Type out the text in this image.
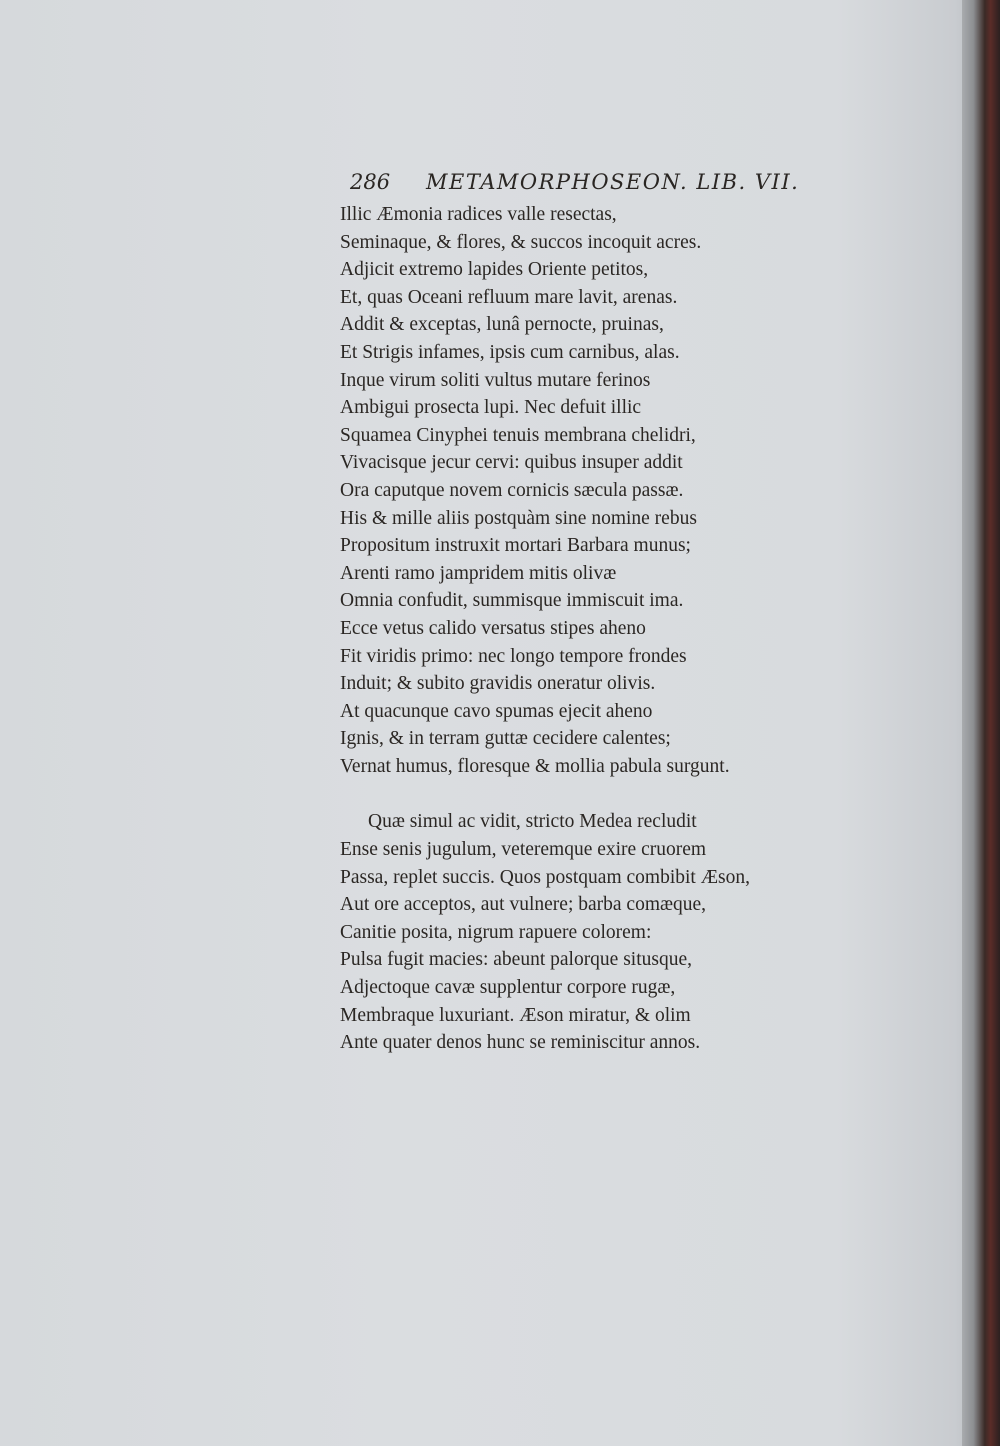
286 METAMORPHOSEON. LIB. VII.
Illic Æmonia radices valle resectas,
Seminaque, & flores, & succos incoquit acres.
Adjicit extremo lapides Oriente petitos,
Et, quas Oceani refluum mare lavit, arenas.
Addit & exceptas, lunâ pernocte, pruinas,
Et Strigis infames, ipsis cum carnibus, alas.
Inque virum soliti vultus mutare ferinos
Ambigui prosecta lupi. Nec defuit illic
Squamea Cinyphei tenuis membrana chelidri,
Vivacisque jecur cervi: quibus insuper addit
Ora caputque novem cornicis sæcula passæ.
His & mille aliis postquàm sine nomine rebus
Propositum instruxit mortari Barbara munus;
Arenti ramo jampridem mitis olivæ
Omnia confudit, summisque immiscuit ima.
Ecce vetus calido versatus stipes aheno
Fit viridis primo: nec longo tempore frondes
Induit; & subito gravidis oneratur olivis.
At quacunque cavo spumas ejecit aheno
Ignis, & in terram guttæ cecidere calentes;
Vernat humus, floresque & mollia pabula surgunt.
Quæ simul ac vidit, stricto Medea recludit
Ense senis jugulum, veteremque exire cruorem
Passa, replet succis. Quos postquam combibit Æson,
Aut ore acceptos, aut vulnere; barba comæque,
Canitie posita, nigrum rapuere colorem:
Pulsa fugit macies: abeunt palorque situsque,
Adjectoque cavæ supplentur corpore rugæ,
Membraque luxuriant. Æson miratur, & olim
Ante quater denos hunc se reminiscitur annos.
